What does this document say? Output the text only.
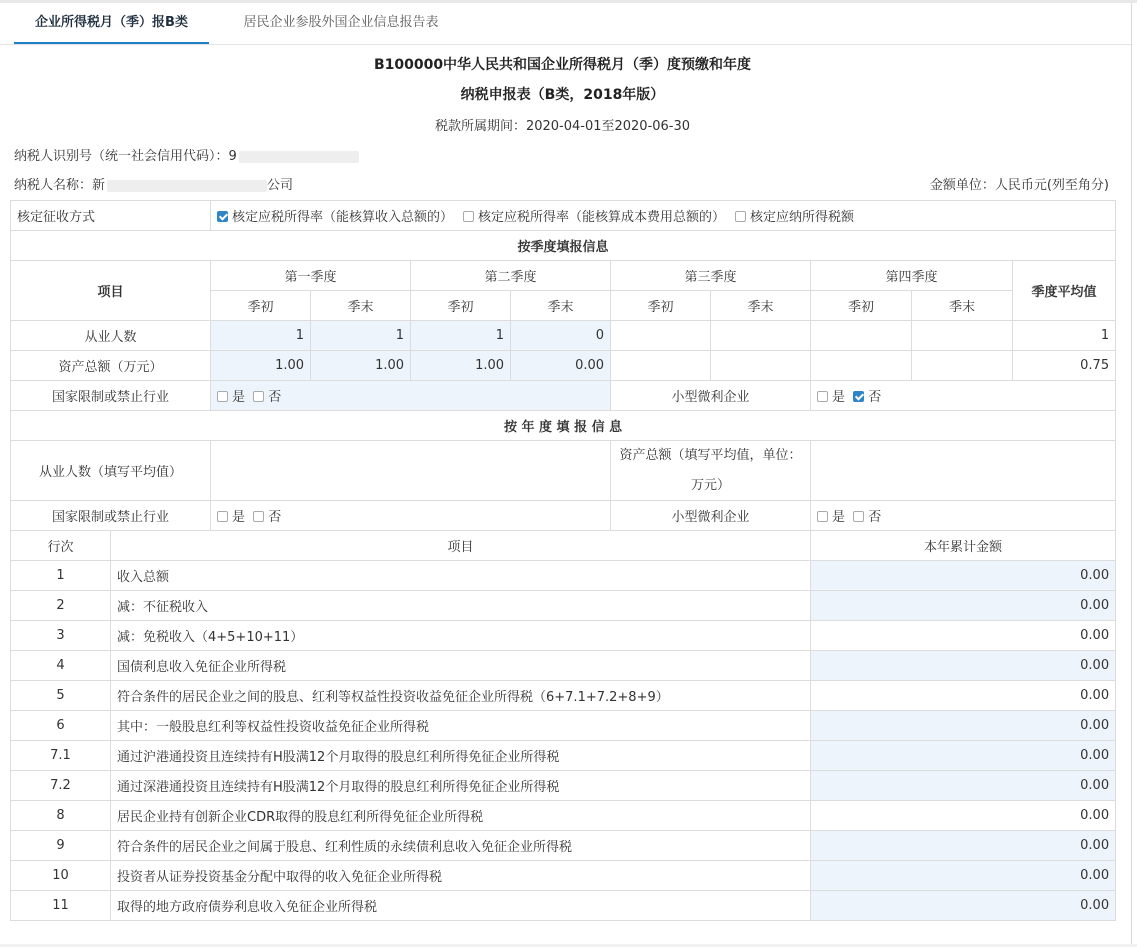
企业所得税月（季）报B类	居民企业参股外国企业信息报告表
B100000中华人民共和国企业所得税月（季）度预缴和年度
纳税申报表（B类，2018年版）
税款所属期间：2020-04-01至2020-06-30
纳税人识别号（统一社会信用代码）：9
纳税人名称：新	公司	金额单位：人民币元(列至角分)
核定征收方式		核定应税所得率（能核算收入总额的） 核定应税所得率（能核算成本费用总额的） 核定应纳所得税额								
按季度填报信息										
项目		第一季度		第二季度		第三季度		第四季度		季度平均值
		季初	季末	季初	季末	季初	季末	季初	季末	
从业人数		1	1	1	0					1
资产总额（万元）		1.00	1.00	1.00	0.00					0.75
国家限制或禁止行业		是 否				小型微利企业		是 否		
按 年 度 填 报 信 息										
从业人数（填写平均值）						资产总额（填写平均值，单位：
万元）				

国家限制或禁止行业		是 否				小型微利企业		是 否		
行次	项目							本年累计金额		
1	收入总额							0.00		
2	减：不征税收入							0.00		
3	减：免税收入（4+5+10+11）							0.00		
4	国债利息收入免征企业所得税							0.00		
5	符合条件的居民企业之间的股息、红利等权益性投资收益免征企业所得税（6+7.1+7.2+8+9）							0.00		
6	其中：一般股息红利等权益性投资收益免征企业所得税							0.00		
7.1	通过沪港通投资且连续持有H股满12个月取得的股息红利所得免征企业所得税							0.00		
7.2	通过深港通投资且连续持有H股满12个月取得的股息红利所得免征企业所得税							0.00		
8	居民企业持有创新企业CDR取得的股息红利所得免征企业所得税							0.00		
9	符合条件的居民企业之间属于股息、红利性质的永续债利息收入免征企业所得税							0.00		
10	投资者从证券投资基金分配中取得的收入免征企业所得税							0.00		
11	取得的地方政府债券利息收入免征企业所得税							0.00		
